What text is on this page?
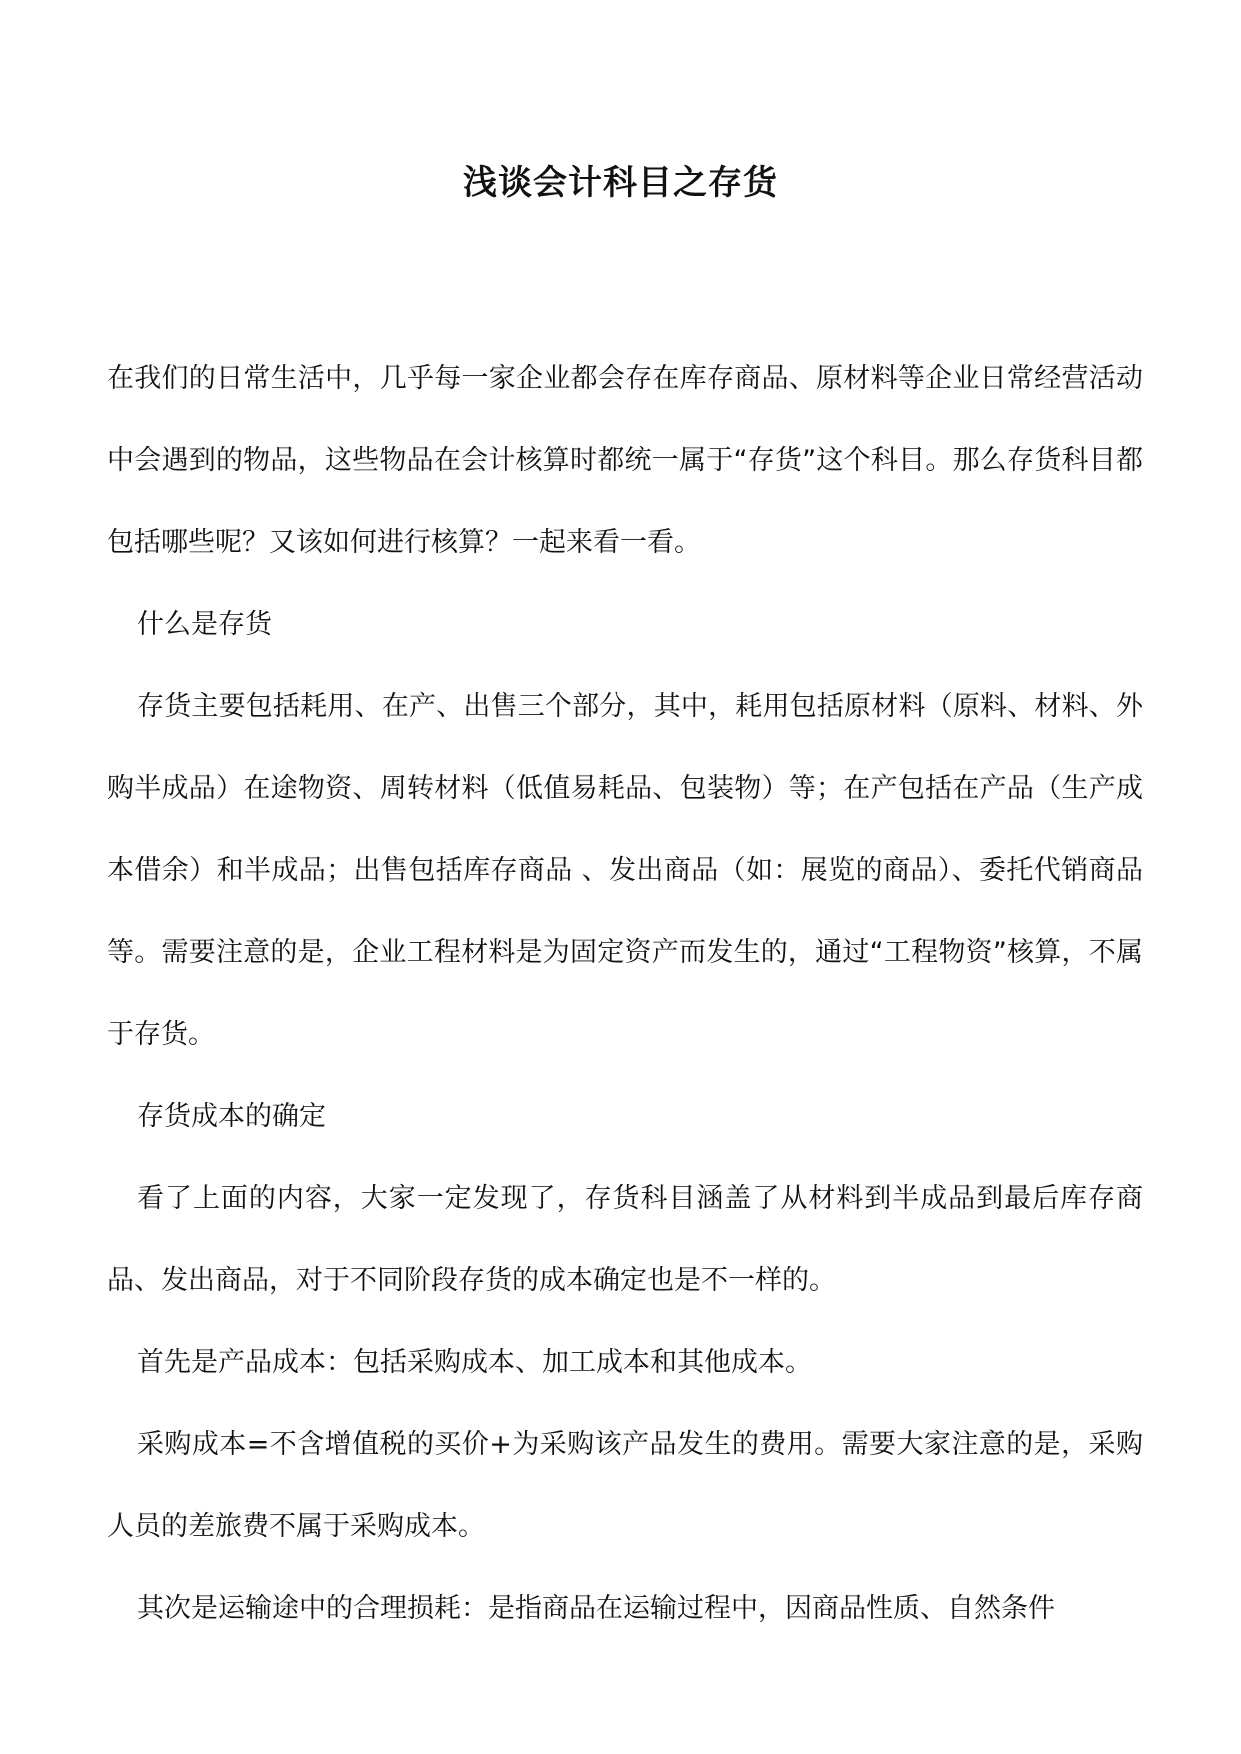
浅谈会计科目之存货

在我们的日常生活中，几乎每一家企业都会存在库存商品、原材料等企业日常经营活动中会遇到的物品，这些物品在会计核算时都统一属于“存货”这个科目。那么存货科目都包括哪些呢？又该如何进行核算？一起来看一看。

什么是存货

存货主要包括耗用、在产、出售三个部分，其中，耗用包括原材料（原料、材料、外购半成品）在途物资、周转材料（低值易耗品、包装物）等；在产包括在产品（生产成本借余）和半成品；出售包括库存商品 、发出商品（如：展览的商品）、委托代销商品等。需要注意的是，企业工程材料是为固定资产而发生的，通过“工程物资”核算，不属于存货。

存货成本的确定

看了上面的内容，大家一定发现了，存货科目涵盖了从材料到半成品到最后库存商品、发出商品，对于不同阶段存货的成本确定也是不一样的。

首先是产品成本：包括采购成本、加工成本和其他成本。

采购成本=不含增值税的买价+为采购该产品发生的费用。需要大家注意的是，采购人员的差旅费不属于采购成本。

其次是运输途中的合理损耗：是指商品在运输过程中，因商品性质、自然条件
